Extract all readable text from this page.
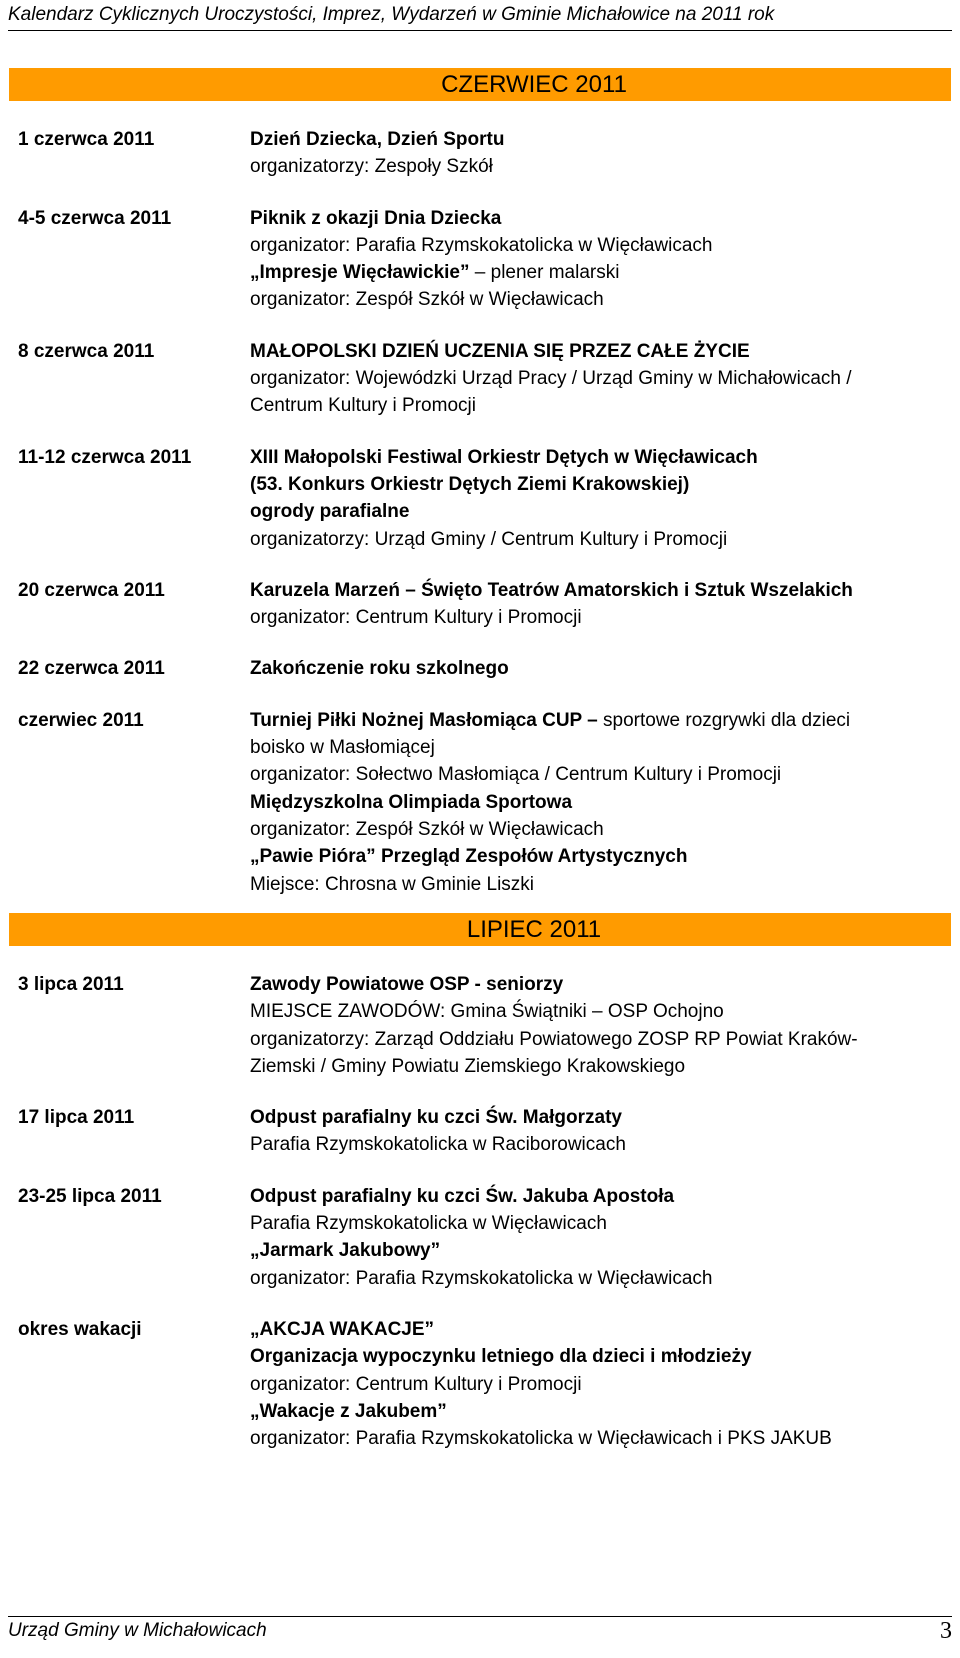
Kalendarz Cyklicznych Uroczystości, Imprez, Wydarzeń w Gminie Michałowice na 2011 rok
CZERWIEC 2011
1 czerwca 2011	Dzień Dziecka, Dzień Sportu
organizatorzy: Zespoły Szkół
4-5 czerwca 2011	Piknik z okazji Dnia Dziecka
organizator: Parafia Rzymskokatolicka w Więcławicach
„Impresje Więcławickie” – plener malarski
organizator: Zespół Szkół w Więcławicach
8 czerwca 2011	MAŁOPOLSKI DZIEŃ UCZENIA SIĘ PRZEZ CAŁE ŻYCIE
organizator: Wojewódzki Urząd Pracy / Urząd Gminy w Michałowicach /
Centrum Kultury i Promocji
11-12 czerwca 2011	XIII Małopolski Festiwal Orkiestr Dętych w Więcławicach
(53. Konkurs Orkiestr Dętych Ziemi Krakowskiej)
ogrody parafialne
organizatorzy: Urząd Gminy / Centrum Kultury i Promocji
20 czerwca 2011	Karuzela Marzeń – Święto Teatrów Amatorskich i Sztuk Wszelakich
organizator: Centrum Kultury i Promocji
22 czerwca 2011	Zakończenie roku szkolnego
czerwiec 2011	Turniej Piłki Nożnej Masłomiąca CUP – sportowe rozgrywki dla dzieci
boisko w Masłomiącej
organizator: Sołectwo Masłomiąca / Centrum Kultury i Promocji
Międzyszkolna Olimpiada Sportowa
organizator: Zespół Szkół w Więcławicach
„Pawie Pióra” Przegląd Zespołów Artystycznych
Miejsce: Chrosna w Gminie Liszki
LIPIEC 2011
3 lipca 2011	Zawody Powiatowe OSP - seniorzy
MIEJSCE ZAWODÓW: Gmina Świątniki – OSP Ochojno
organizatorzy: Zarząd Oddziału Powiatowego ZOSP RP Powiat Kraków-
Ziemski / Gminy Powiatu Ziemskiego Krakowskiego
17 lipca 2011	Odpust parafialny ku czci Św. Małgorzaty
Parafia Rzymskokatolicka w Raciborowicach
23-25 lipca 2011	Odpust parafialny ku czci Św. Jakuba Apostoła
Parafia Rzymskokatolicka w Więcławicach
„Jarmark Jakubowy”
organizator: Parafia Rzymskokatolicka w Więcławicach
okres wakacji	„AKCJA WAKACJE”
Organizacja wypoczynku letniego dla dzieci i młodzieży
organizator: Centrum Kultury i Promocji
„Wakacje z Jakubem”
organizator: Parafia Rzymskokatolicka w Więcławicach i PKS JAKUB
Urząd Gminy w Michałowicach	3
